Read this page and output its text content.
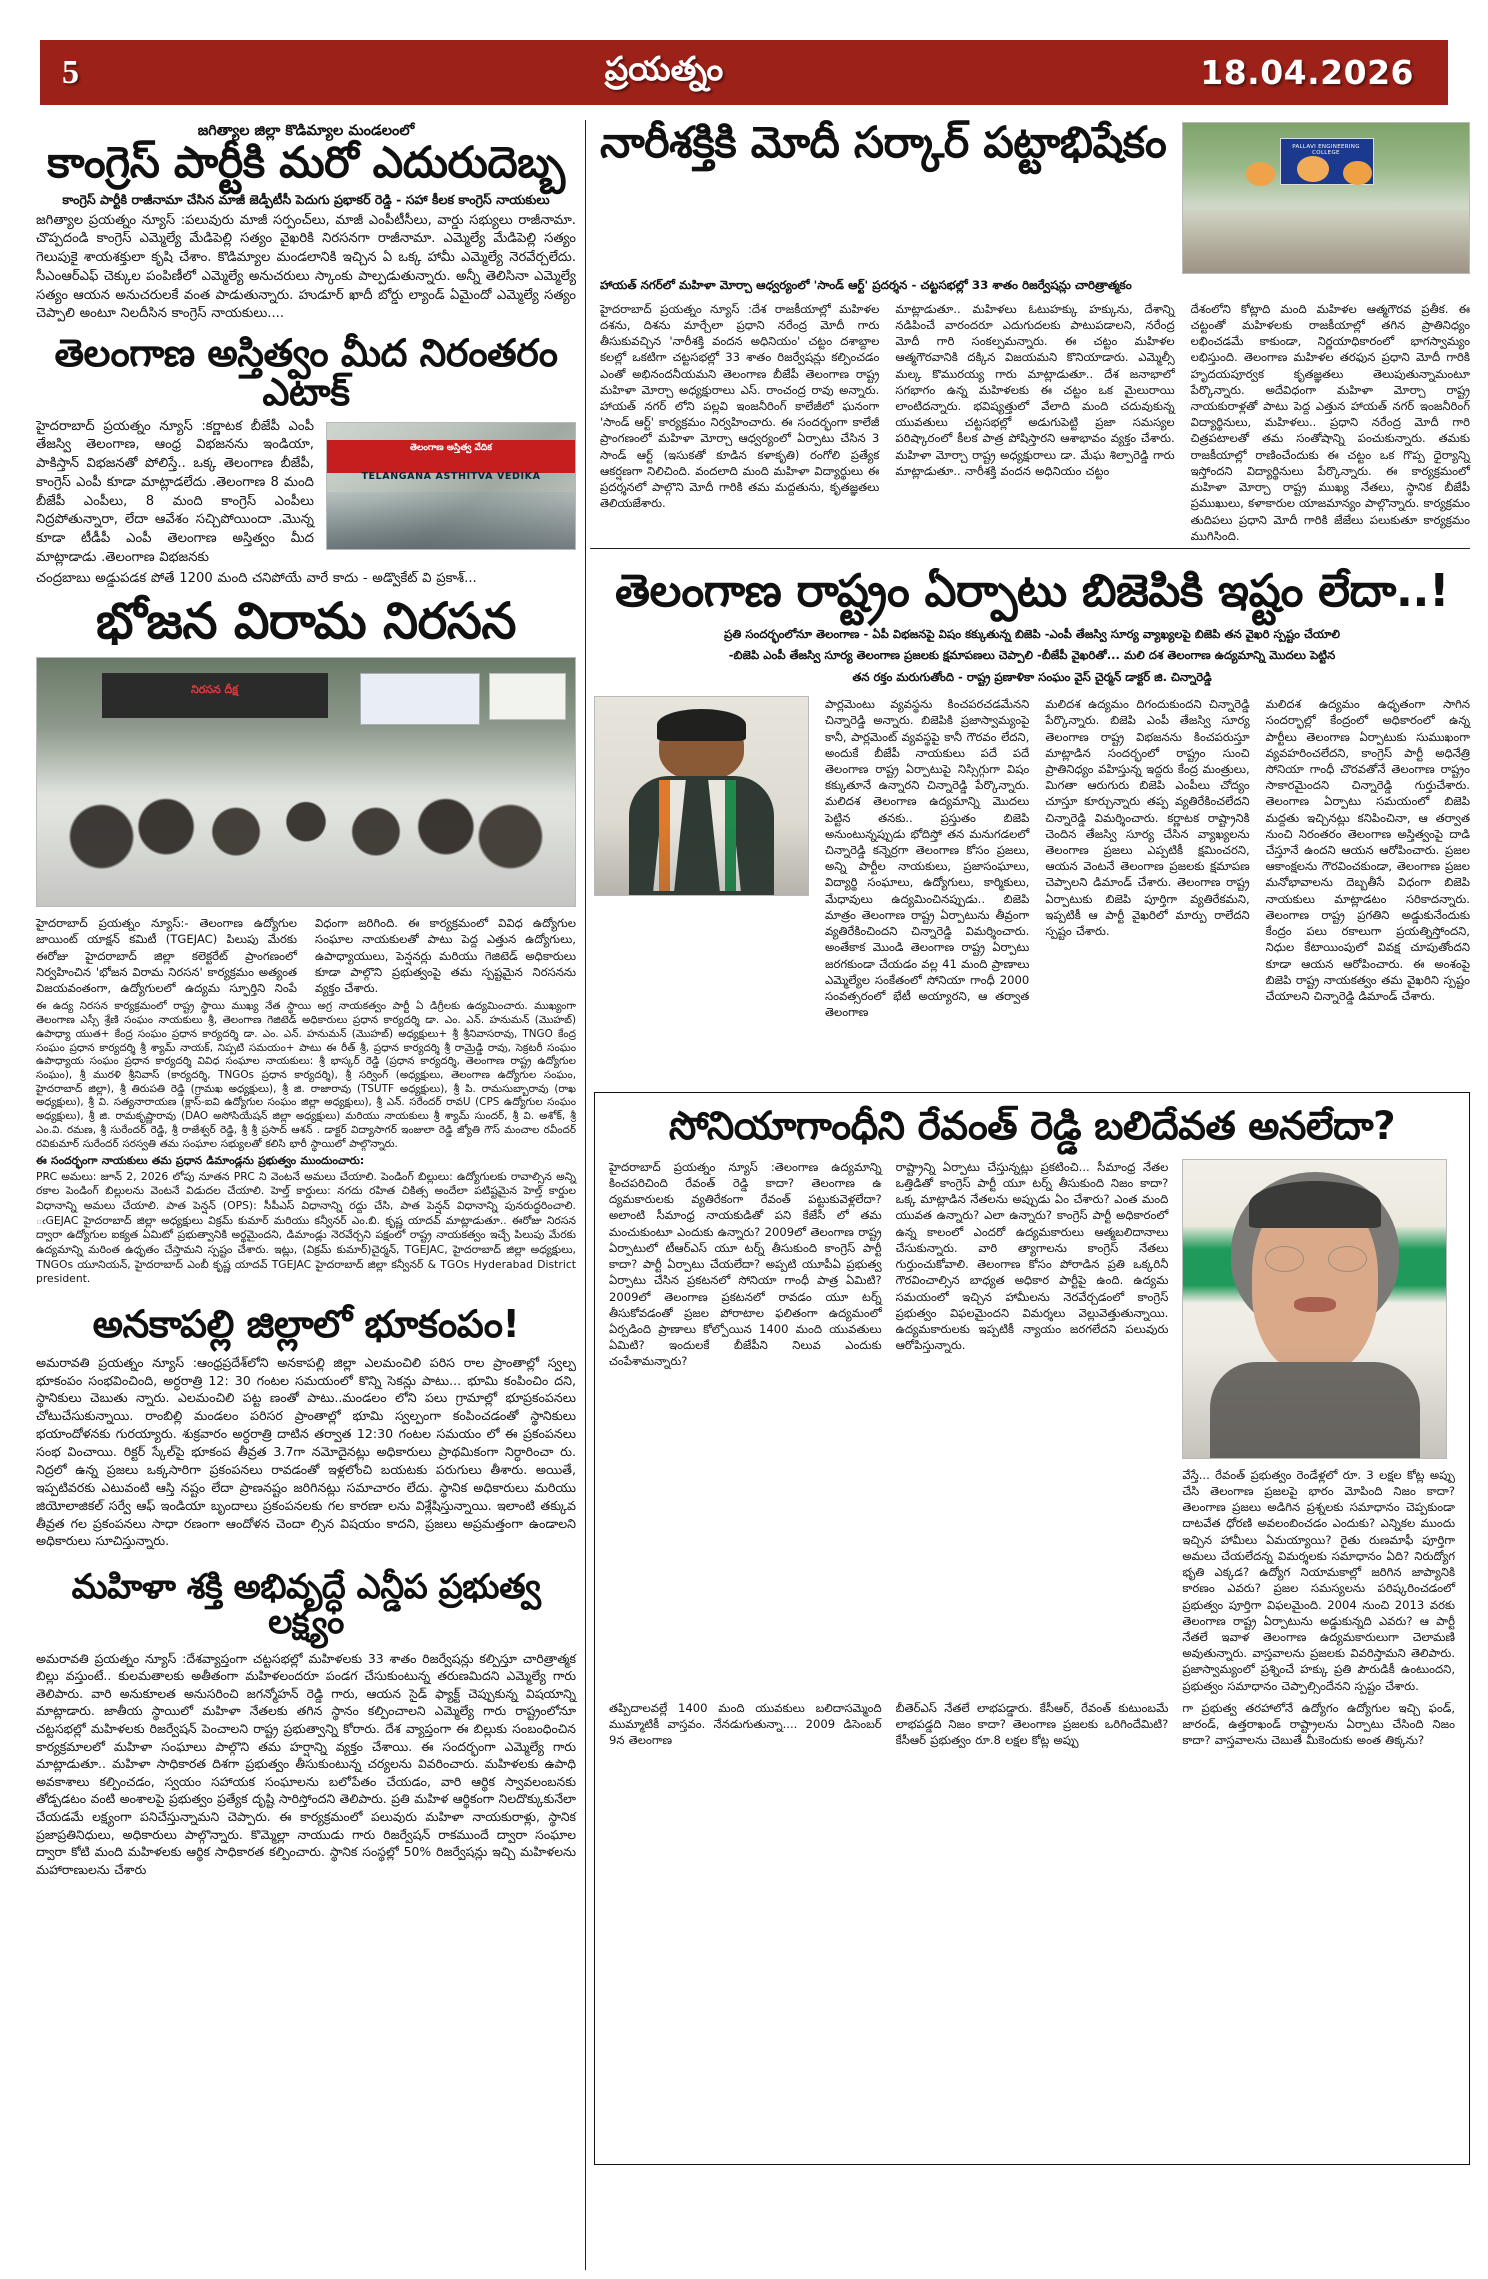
5	ప్రయత్నం	18.04.2026
జగిత్యాల జిల్లా కొడిమ్యాల మండలంలో
కాంగ్రెస్ పార్టీకి మరో ఎదురుదెబ్బ
కాంగ్రెస్ పార్టీకి రాజీనామా చేసిన మాజీ జెడ్పీటీసీ పెదుగు ప్రభాకర్ రెడ్డి - సహా కీలక కాంగ్రెస్ నాయకులు
జగిత్యాల ప్రయత్నం న్యూస్ :పలువురు మాజీ సర్పంచ్‌లు, మాజీ ఎంపీటీసీలు, వార్డు సభ్యులు రాజీనామా. చొప్పదండి కాంగ్రెస్ ఎమ్మెల్యే మేడిపెల్లి సత్యం వైఖరికి నిరసనగా రాజీనామా. ఎమ్మెల్యే మేడిపెల్లి సత్యం గెలుపుకై శాయశక్తులా కృషి చేశాం. కొడిమ్యాల మండలానికి ఇచ్చిన ఏ ఒక్క హామీ ఎమ్మెల్యే నెరవేర్చలేదు. సీఎంఆర్ఎఫ్ చెక్కుల పంపిణీలో ఎమ్మెల్యే అనుచరులు స్కాంకు పాల్పడుతున్నారు. అన్నీ తెలిసినా ఎమ్మెల్యే సత్యం ఆయన అనుచరులకే వంత పాడుతున్నారు. హుడూర్ ఖాదీ బోర్డు ల్యాండ్ ఏమైందో ఎమ్మెల్యే సత్యం చెప్పాలి అంటూ నిలదీసిన కాంగ్రెస్ నాయకులు....
తెలంగాణ అస్తిత్వం మీద నిరంతరం ఎటాక్
తెలంగాణ అస్తిత్వ వేదిక
TELANGANA ASTHITVA VEDIKA
హైదరాబాద్ ప్రయత్నం న్యూస్ :కర్ణాటక బీజేపీ ఎంపీ తేజస్వి తెలంగాణ, ఆంధ్ర విభజనను ఇండియా, పాకిస్తాన్ విభజనతో పోలిస్తే.. ఒక్క తెలంగాణ బీజేపీ, కాంగ్రెస్ ఎంపీ కూడా మాట్లాడలేదు .తెలంగాణ 8 మంది బీజేపీ ఎంపీలు, 8 మంది కాంగ్రెస్ ఎంపీలు నిద్రపోతున్నారా, లేదా ఆవేశం సచ్చిపోయిందా .మొన్న కూడా టీడీపీ ఎంపీ తెలంగాణ అస్తిత్వం మీద మాట్లాడాడు .తెలంగాణ విభజనకు
చంద్రబాబు అడ్డుపడక పోతే 1200 మంది చనిపోయే వారే కాదు - అడ్వొకేట్ వి ప్రకాశ్...
భోజన విరామ నిరసన
నిరసన దీక్ష
హైదరాబాద్ ప్రయత్నం న్యూస్:- తెలంగాణ ఉద్యోగుల జాయింట్ యాక్షన్ కమిటీ (TGEJAC) పిలుపు మేరకు ఈరోజు హైదరాబాద్ జిల్లా కలెక్టరేట్ ప్రాంగణంలో నిర్వహించిన 'భోజన విరామ నిరసన' కార్యక్రమం అత్యంత విజయవంతంగా, ఉద్యోగులలో ఉద్యమ స్ఫూర్తిని నింపే విధంగా జరిగింది. ఈ కార్యక్రమంలో వివిధ ఉద్యోగుల సంఘాల నాయకులతో పాటు పెద్ద ఎత్తున ఉద్యోగులు, ఉపాధ్యాయులు, పెన్షనర్లు మరియు గెజిటెడ్ అధికారులు కూడా పాల్గొని ప్రభుత్వంపై తమ స్పష్టమైన నిరసనను వ్యక్తం చేశారు.
ఈ ఉద్య నిరసన కార్యక్రమంలో రాష్ట్ర స్థాయి ముఖ్య నేత స్థాయి అగ్ర నాయకత్వం పార్టీ ఏ డిగ్రీలకు ఉద్యమించారు. ముఖ్యంగా తెలంగాణ ఎస్సీ శ్రేణి సంఘం నాయకులు శ్రీ, తెలంగాణ గెజిటెడ్ అధికారులు ప్రధాన కార్యదర్శి డా. ఎం. ఎన్. హనుమన్ (మొహబ్) ఉపాధ్యా యుత+ కేంద్ర సంఘం ప్రధాన కార్యదర్శి డా. ఎం. ఎన్. హనుమన్ (మొహబ్) అధ్యక్షులు+ శ్రీ శ్రీనివాసరావు, TNGO కేంద్ర సంఘం ప్రధాన కార్యదర్శి శ్రీ శ్యామ్ నాయక్, నిప్పటి సమయం+ పాటు ఈ రీత్ శ్రీ, ప్రధాన కార్యదర్శి శ్రీ రామ్రెడ్డి రావు, సెక్రటరీ సంఘం ఉపాధ్యాయ సంఘం ప్రధాన కార్యదర్శి వివిధ సంఘాల నాయకులు: శ్రీ భాస్కర్ రెడ్డి (ప్రధాన కార్యదర్శి, తెలంగాణ రాష్ట్ర ఉద్యోగుల సంఘం), శ్రీ మురళి శ్రీనివాస్ (కార్యదర్శి, TNGOs ప్రధాన కార్యదర్శి), శ్రీ సర్వింగ్ (అధ్యక్షులు, తెలంగాణ ఉద్యోగుల సంఘం, హైదరాబాద్ జిల్లా), శ్రీ తిరుపతి రెడ్డి (గ్రామఖ అధ్యక్షులు), శ్రీ జి. రాజారావు (TSUTF అధ్యక్షులు), శ్రీ పి. రామసుబ్బారావు (రాఖ అధ్యక్షులు), శ్రీ వి. సత్యనారాయణ (క్లాస్-ఐవి ఉద్యోగుల సంఘం జిల్లా అధ్యక్షులు), శ్రీ ఎన్. సరేందర్ రావU (CPS ఉద్యోగుల సంఘం అధ్యక్షులు), శ్రీ జి. రామకృష్ణారావు (DAO అసోసియేషన్ జిల్లా అధ్యక్షులు) మరియు నాయకులు శ్రీ శ్యామ్ సుందర్, శ్రీ వి. అశోక్, శ్రీ ఎం.వి. రమణ, శ్రీ సురేందర్ రెడ్డి, శ్రీ రాజేశ్వర్ రెడ్డి, శ్రీ శ్రీ ప్రసాద్ ఆశన్ . డాక్టర్ విద్యాసాగర్ ఇంజులా రెడ్డి జ్యోతి గౌస్ మంచాల రవీందర్ రవికుమార్ సురేందర్ సరస్వతి తమ సంఘాల సభ్యులతో కలిసి భారీ స్థాయిలో పాల్గొన్నారు.
ఈ సందర్భంగా నాయకులు తమ ప్రధాన డిమాండ్లను ప్రభుత్వం ముందుంచారు:
PRC అమలు: జూన్ 2, 2026 లోపు నూతన PRC ని వెంటనే అమలు చేయాలి. పెండింగ్ బిల్లులు: ఉద్యోగులకు రావాల్సిన అన్ని రకాల పెండింగ్ బిల్లులను వెంటనే విడుదల చేయాలి. హెల్త్ కార్డులు: నగదు రహిత చికిత్స అందేలా పటిష్టమైన హెల్త్ కార్డుల విధానాన్ని అమలు చేయాలి. పాత పెన్షన్ (OPS): సీపీఎస్ విధానాన్ని రద్దు చేసి, పాత పెన్షన్ విధానాన్ని పునరుద్ధరించాలి. ఁGEJAC హైదరాబాద్ జిల్లా అధ్యక్షులు విక్రమ్ కుమార్ మరియు కన్వీనర్ ఎం.బి. కృష్ణ యాదవ్ మాట్లాడుతూ.. ఈరోజు నిరసన ద్వారా ఉద్యోగుల ఐక్యత ఏమిటో ప్రభుత్వానికి అర్థమైందని, డిమాండ్లు నెరవేర్చని పక్షంలో రాష్ట్ర నాయకత్వం ఇచ్చే పిలుపు మేరకు ఉద్యమాన్ని మరింత ఉధృతం చేస్తామని స్పష్టం చేశారు. ఇట్లు, (విక్రమ్ కుమార్)చైర్మన్, TGEJAC, హైదరాబాద్ జిల్లా అధ్యక్షులు, TNGOs యూనియన్, హైదరాబాద్ ఎంబీ కృష్ణ యాదవ్ TGEJAC హైదరాబాద్ జిల్లా కన్వీనర్ & TGOs Hyderabad District president.
అనకాపల్లి జిల్లాలో భూకంపం!
అమరావతి ప్రయత్నం న్యూస్ :ఆంధ్రప్రదేశ్‌లోని అనకాపల్లి జిల్లా ఎలమంచిలి పరిస రాల ప్రాంతాల్లో స్వల్ప భూకంపం సంభవించింది, అర్ధరాత్రి 12: 30 గంటల సమయంలో కొన్ని సెకన్లు పాటు... భూమి కంపించిం దని, స్థానికులు చెబుతు న్నారు. ఎలమంచిలి పట్ట ణంతో పాటు..మండలం లోని పలు గ్రామాల్లో భూప్రకంపనలు చోటుచేసుకున్నాయి. రాంబిల్లి మండలం పరిసర ప్రాంతాల్లో భూమి స్వల్పంగా కంపించడంతో స్థానికులు భయాందోళనకు గురయ్యారు. శుక్రవారం అర్ధరాత్రి దాటిన తర్వాత 12:30 గంటల సమయం లో ఈ ప్రకంపనలు సంభ వించాయి. రిక్టర్ స్కేల్‌పై భూకంప తీవ్రత 3.7గా నమోదైనట్లు అధికారులు ప్రాథమికంగా నిర్ధారించా రు. నిద్రలో ఉన్న ప్రజలు ఒక్కసారిగా ప్రకంపనలు రావడంతో ఇళ్లలోంచి బయటకు పరుగులు తీశారు. అయితే, ఇప్పటివరకు ఎటువంటి ఆస్తి నష్టం లేదా ప్రాణనష్టం జరిగినట్లు సమాచారం లేదు. స్థానిక అధికారులు మరియు జియోలాజికల్ సర్వే ఆఫ్ ఇండియా బృందాలు ప్రకంపనలకు గల కారణా లను విశ్లేషిస్తున్నాయి. ఇలాంటి తక్కువ తీవ్రత గల ప్రకంపనలు సాధా రణంగా ఆందోళన చెందా ల్సిన విషయం కాదని, ప్రజలు అప్రమత్తంగా ఉండాలని అధికారులు సూచిస్తున్నారు.
మహిళా శక్తి అభివృద్ధే ఎన్డీప ప్రభుత్వ లక్ష్యం
అమరావతి ప్రయత్నం న్యూస్ :దేశవ్యాప్తంగా చట్టసభల్లో మహిళలకు 33 శాతం రిజర్వేషన్లు కల్పిస్తూ చారిత్రాత్మక బిల్లు వస్తుంటే.. కులమతాలకు అతీతంగా మహిళలందరూ పండగ చేసుకుంటున్న తరుణమిదని ఎమ్మెల్యే గారు తెలిపారు. వారి అనుకూలత అనుసరించి జగన్మోహన్ రెడ్డి గారు, ఆయన సైడ్ ఫ్యాక్ట్ చెప్పుకున్న విషయాన్ని మాట్లాడారు. జాతీయ స్థాయిలో మహిళా నేతలకు తగిన స్థానం కల్పించాలని ఎమ్మెల్యే గారు రాష్ట్రంలోనూ చట్టసభల్లో మహిళలకు రిజర్వేషన్ పెంచాలని రాష్ట్ర ప్రభుత్వాన్ని కోరారు. దేశ వ్యాప్తంగా ఈ బిల్లుకు సంబంధించిన కార్యక్రమాలలో మహిళా సంఘాలు పాల్గొని తమ హర్షాన్ని వ్యక్తం చేశాయి. ఈ సందర్భంగా ఎమ్మెల్యే గారు మాట్లాడుతూ.. మహిళా సాధికారత దిశగా ప్రభుత్వం తీసుకుంటున్న చర్యలను వివరించారు. మహిళలకు ఉపాధి అవకాశాలు కల్పించడం, స్వయం సహాయక సంఘాలను బలోపేతం చేయడం, వారి ఆర్థిక స్వావలంబనకు తోడ్పడటం వంటి అంశాలపై ప్రభుత్వం ప్రత్యేక దృష్టి సారిస్తోందని తెలిపారు. ప్రతి మహిళ ఆర్థికంగా నిలదొక్కుకునేలా చేయడమే లక్ష్యంగా పనిచేస్తున్నామని చెప్పారు. ఈ కార్యక్రమంలో పలువురు మహిళా నాయకురాళ్లు, స్థానిక ప్రజాప్రతినిధులు, అధికారులు పాల్గొన్నారు. కొమ్మెల్లా నాయుడు గారు రిజర్వేషన్ రాకముందే ద్వారా సంఘాల ద్వారా కోటి మంది మహిళలకు ఆర్థిక సాధికారత కల్పించారు. స్థానిక సంస్థల్లో 50% రిజర్వేషన్లు ఇచ్చి మహిళలను మహారాణులను చేశారు
నారీశక్తికి మోదీ సర్కార్ పట్టాభిషేకం	PALLAVI ENGINEERING COLLEGE
హాయత్ నగర్‌లో మహిళా మోర్చా ఆధ్వర్యంలో 'సాండ్ ఆర్ట్' ప్రదర్శన - చట్టసభల్లో 33 శాతం రిజర్వేషన్లు చారిత్రాత్మకం
హైదరాబాద్ ప్రయత్నం న్యూస్ :దేశ రాజకీయాల్లో మహిళల దశను, దిశను మార్చేలా ప్రధాని నరేంద్ర మోదీ గారు తీసుకువచ్చిన 'నారీశక్తి వందన అధినియం' చట్టం దశాబ్దాల కలల్లో ఒకటిగా చట్టసభల్లో 33 శాతం రిజర్వేషన్లు కల్పించడం ఎంతో అభినందనీయమని తెలంగాణ బీజేపీ తెలంగాణ రాష్ట్ర మహిళా మోర్చా అధ్యక్షురాలు ఎస్. రాంచంద్ర రావు అన్నారు. హాయత్ నగర్ లోని పల్లవి ఇంజనీరింగ్ కాలేజీలో ఘనంగా 'సాండ్ ఆర్ట్' కార్యక్రమం నిర్వహించారు. ఈ సందర్భంగా కాలేజీ ప్రాంగణంలో మహిళా మోర్చా ఆధ్వర్యంలో ఏర్పాటు చేసిన 3 సాండ్ ఆర్ట్ (ఇసుకతో కూడిన కళాకృతి) రంగోలి ప్రత్యేక ఆకర్షణగా నిలిచింది. వందలాది మంది మహిళా విద్యార్థులు ఈ ప్రదర్శనలో పాల్గొని మోదీ గారికి తమ మద్దతును, కృతజ్ఞతలు తెలియజేశారు.
మాట్లాడుతూ.. మహిళలు ఓటుహక్కు హక్కును, దేశాన్ని నడిపించే వారందరూ ఎదుగుదలకు పాటుపడాలని, నరేంద్ర మోదీ గారి సంకల్పమన్నారు. ఈ చట్టం మహిళల ఆత్మగౌరవానికి దక్కిన విజయమని కొనియాడారు. ఎమ్మెల్సీ మల్క కొమురయ్య గారు మాట్లాడుతూ.. దేశ జనాభాలో సగభాగం ఉన్న మహిళలకు ఈ చట్టం ఒక మైలురాయి లాంటిదన్నారు. భవిష్యత్తులో వేలాది మంది చదువుకున్న యువతులు చట్టసభల్లో అడుగుపెట్టి ప్రజా సమస్యల పరిష్కారంలో కీలక పాత్ర పోషిస్తారని ఆశాభావం వ్యక్తం చేశారు. మహిళా మోర్చా రాష్ట్ర అధ్యక్షురాలు డా. మేఘ శిల్పారెడ్డి గారు మాట్లాడుతూ.. నారీశక్తి వందన అధినియం చట్టం
దేశంలోని కోట్లాది మంది మహిళల ఆత్మగౌరవ ప్రతీక. ఈ చట్టంతో మహిళలకు రాజకీయాల్లో తగిన ప్రాతినిధ్యం లభించడమే కాకుండా, నిర్ణయాధికారంలో భాగస్వామ్యం లభిస్తుంది. తెలంగాణ మహిళల తరఫున ప్రధాని మోదీ గారికి హృదయపూర్వక కృతజ్ఞతలు తెలుపుతున్నామంటూ పేర్కొన్నారు. అదేవిధంగా మహిళా మోర్చా రాష్ట్ర నాయకురాళ్లతో పాటు పెద్ద ఎత్తున హాయత్ నగర్ ఇంజనీరింగ్ విద్యార్థినులు, మహిళలు.. ప్రధాని నరేంద్ర మోదీ గారి చిత్రపటాలతో తమ సంతోషాన్ని పంచుకున్నారు. తమకు రాజకీయాల్లో రాణించేందుకు ఈ చట్టం ఒక గొప్ప ధైర్యాన్ని ఇస్తోందని విద్యార్థినులు పేర్కొన్నారు. ఈ కార్యక్రమంలో మహిళా మోర్చా రాష్ట్ర ముఖ్య నేతలు, స్థానిక బీజేపీ ప్రముఖులు, కళాకారుల యాజమాన్యం పాల్గొన్నారు. కార్యక్రమం తుదిపలు ప్రధాని మోదీ గారికి జేజేలు పలుకుతూ కార్యక్రమం ముగిసింది.
తెలంగాణ రాష్ట్రం ఏర్పాటు బిజెపికి ఇష్టం లేదా..!
ప్రతి సందర్భంలోనూ తెలంగాణ - ఏపీ విభజనపై విషం కక్కుతున్న బిజెపి -ఎంపీ తేజస్వి సూర్య వ్యాఖ్యలపై బిజెపి తన వైఖరి స్పష్టం చేయాలి
-బిజెపి ఎంపీ తేజస్వి సూర్య తెలంగాణ ప్రజలకు క్షమాపణలు చెప్పాలి -బీజేపీ వైఖరితో... మలి దశ తెలంగాణ ఉద్యమాన్ని మొదలు పెట్టిన
తన రక్తం మరుగుతోంది - రాష్ట్ర ప్రణాళికా సంఘం వైస్ చైర్మన్ డాక్టర్ జి. చిన్నారెడ్డి
పార్లమెంటు వ్యవస్థను కించపరచడమేనని చిన్నారెడ్డి అన్నారు. బిజెపికి ప్రజాస్వామ్యంపై కానీ, పార్లమెంట్ వ్యవస్థపై కానీ గౌరవం లేదని, అందుకే బీజేపీ నాయకులు పదే పదే తెలంగాణ రాష్ట్ర ఏర్పాటుపై నిస్సిగ్గుగా విషం కక్కుతూనే ఉన్నారని చిన్నారెడ్డి పేర్కొన్నారు. మలిదశ తెలంగాణ ఉద్యమాన్ని మొదలు పెట్టిన తనకు.. ప్రస్తుతం బిజెపి అనుంటున్నప్పుడు భోదిస్తో తన మనుగడలలో చిన్నారెడ్డి కన్నెర్రగా తెలంగాణ కోసం ప్రజలు, అన్ని పార్టీల నాయకులు, ప్రజాసంఘాలు, విద్యార్థి సంఘాలు, ఉద్యోగులు, కార్మికులు, మేధావులు ఉద్యమించినప్పుడు.. బిజెపి మాత్రం తెలంగాణ రాష్ట్ర ఏర్పాటును తీవ్రంగా వ్యతిరేకించిందని చిన్నారెడ్డి విమర్శించారు. అంతేకాక మొండి తెలంగాణ రాష్ట్ర ఏర్పాటు జరగకుండా చేయడం వల్ల 41 మంది ప్రాణాలు ఎమ్మెల్యేల సంకేతంలో సోనియా గాంధీ 2000 సంవత్సరంలో భేటీ అయ్యారని, ఆ తర్వాత తెలంగాణ
మలిదశ ఉద్యమం దిగందుకుందని చిన్నారెడ్డి పేర్కొన్నారు. బిజెపి ఎంపీ తేజస్వి సూర్య తెలంగాణ రాష్ట్ర విభజనను కించపరుస్తూ మాట్లాడిన సందర్భంలో రాష్ట్రం సుంచి ప్రాతినిధ్యం వహిస్తున్న ఇద్దరు కేంద్ర మంత్రులు, మిగతా ఆరుగురు బిజెపి ఎంపీలు చోద్యం చూస్తూ కూర్చున్నారు తప్ప వ్యతిరేకించలేదని చిన్నారెడ్డి విమర్శించారు. కర్ణాటక రాష్ట్రానికి చెందిన తేజస్వి సూర్య చేసిన వ్యాఖ్యలను తెలంగాణ ప్రజలు ఎప్పటికీ క్షమించరని, ఆయన వెంటనే తెలంగాణ ప్రజలకు క్షమాపణ చెప్పాలని డిమాండ్ చేశారు. తెలంగాణ రాష్ట్ర ఏర్పాటుకు బిజెపి పూర్తిగా వ్యతిరేకమని, ఇప్పటికీ ఆ పార్టీ వైఖరిలో మార్పు రాలేదని స్పష్టం చేశారు.
మలిదశ ఉద్యమం ఉధృతంగా సాగిన సందర్భాల్లో కేంద్రంలో అధికారంలో ఉన్న పార్టీలు తెలంగాణ ఏర్పాటుకు సుముఖంగా వ్యవహరించలేదని, కాంగ్రెస్ పార్టీ అధినేత్రి సోనియా గాంధీ చొరవతోనే తెలంగాణ రాష్ట్రం సాకారమైందని చిన్నారెడ్డి గుర్తుచేశారు. తెలంగాణ ఏర్పాటు సమయంలో బిజెపి మద్దతు ఇచ్చినట్లు కనిపించినా, ఆ తర్వాత నుంచి నిరంతరం తెలంగాణ అస్తిత్వంపై దాడి చేస్తూనే ఉందని ఆయన ఆరోపించారు. ప్రజల ఆకాంక్షలను గౌరవించకుండా, తెలంగాణ ప్రజల మనోభావాలను దెబ్బతీసే విధంగా బిజెపి నాయకులు మాట్లాడటం సరికాదన్నారు. తెలంగాణ రాష్ట్ర ప్రగతిని అడ్డుకునేందుకు కేంద్రం పలు రకాలుగా ప్రయత్నిస్తోందని, నిధుల కేటాయింపులో వివక్ష చూపుతోందని కూడా ఆయన ఆరోపించారు. ఈ అంశంపై బిజెపి రాష్ట్ర నాయకత్వం తమ వైఖరిని స్పష్టం చేయాలని చిన్నారెడ్డి డిమాండ్ చేశారు.
సోనియాగాంధీని రేవంత్ రెడ్డి బలిదేవత అనలేదా?
హైదరాబాద్ ప్రయత్నం న్యూస్ :తెలంగాణ ఉద్యమాన్ని కించపరిచింది రేవంత్ రెడ్డి కాదా? తెలంగాణ ఉ ద్యమకారులకు వ్యతిరేకంగా రేవంత్ పట్టుకువెళ్లలేదా? అలాంటి సీమాంధ్ర నాయకుడితో పని కేజేసీ లో తమ మంచుకుంటూ ఎందుకు ఉన్నారు? 2009లో తెలంగాణ రాష్ట్ర ఏర్పాటులో టీఆర్ఎస్ యూ టర్న్ తీసుకుంది కాంగ్రెస్ పార్టీ కాదా? పార్టీ ఏర్పాటు చేయలేదా? అప్పటి యూపీఏ ప్రభుత్వ ఏర్పాటు చేసిన ప్రకటనలో సోనియా గాంధీ పాత్ర ఏమిటి? 2009లో తెలంగాణ ప్రకటనలో రావడం యూ టర్న్ తీసుకోవడంతో ప్రజల పోరాటాల ఫలితంగా ఉద్యమంలో ఏర్పడింది ప్రాణాలు కోల్పోయిన 1400 మంది యువతులు ఏమిటి? ఇందులకే బీజేపీని నిలువ ఎందుకు చంపేశామన్నారు?
రాష్ట్రాన్ని ఏర్పాటు చేస్తున్నట్లు ప్రకటించి... సీమాంధ్ర నేతల ఒత్తిడితో కాంగ్రెస్ పార్టీ యూ టర్న్ తీసుకుంది నిజం కాదా? ఒక్క మాట్లాడిన నేతలను అప్పుడు ఏం చేశారు? ఎంత మంది యువత ఉన్నారు? ఎలా ఉన్నారు? కాంగ్రెస్ పార్టీ అధికారంలో ఉన్న కాలంలో ఎందరో ఉద్యమకారులు ఆత్మబలిదానాలు చేసుకున్నారు. వారి త్యాగాలను కాంగ్రెస్ నేతలు గుర్తుంచుకోవాలి. తెలంగాణ కోసం పోరాడిన ప్రతి ఒక్కరినీ గౌరవించాల్సిన బాధ్యత అధికార పార్టీపై ఉంది. ఉద్యమ సమయంలో ఇచ్చిన హామీలను నెరవేర్చడంలో కాంగ్రెస్ ప్రభుత్వం విఫలమైందని విమర్శలు వెల్లువెత్తుతున్నాయి. ఉద్యమకారులకు ఇప్పటికీ న్యాయం జరగలేదని పలువురు ఆరోపిస్తున్నారు.
వేస్తే... రేవంత్ ప్రభుత్వం రెండేళ్లలో రూ. 3 లక్షల కోట్ల అప్పు చేసి తెలంగాణ ప్రజలపై భారం మోపింది నిజం కాదా? తెలంగాణ ప్రజలు అడిగిన ప్రశ్నలకు సమాధానం చెప్పకుండా దాటవేత ధోరణి అవలంబించడం ఎందుకు? ఎన్నికల ముందు ఇచ్చిన హామీలు ఏమయ్యాయి? రైతు రుణమాఫీ పూర్తిగా అమలు చేయలేదన్న విమర్శలకు సమాధానం ఏది? నిరుద్యోగ భృతి ఎక్కడ? ఉద్యోగ నియామకాల్లో జరిగిన జాప్యానికి కారణం ఎవరు? ప్రజల సమస్యలను పరిష్కరించడంలో ప్రభుత్వం పూర్తిగా విఫలమైంది. 2004 నుంచి 2013 వరకు తెలంగాణ రాష్ట్ర ఏర్పాటును అడ్డుకున్నది ఎవరు? ఆ పార్టీ నేతలే ఇవాళ తెలంగాణ ఉద్యమకారులుగా చెలామణి అవుతున్నారు. వాస్తవాలను ప్రజలకు వివరిస్తామని తెలిపారు. ప్రజాస్వామ్యంలో ప్రశ్నించే హక్కు ప్రతి పౌరుడికీ ఉంటుందని, ప్రభుత్వం సమాధానం చెప్పాల్సిందేనని స్పష్టం చేశారు.
తప్పిదాలవల్లే 1400 మంది యువకులు బలిదాసమ్మెంది ముమ్మాటికీ వాస్తవం. నేనడుగుతున్నా.... 2009 డిసెంబర్ 9న తెలంగాణ
బీతెర్ఎస్ నేతలే లాభపడ్డారు. కేసీఆర్, రేవంత్ కుటుంబమే లాభపడ్డది నిజం కాదా? తెలంగాణ ప్రజలకు ఒరిగిందేమిటి? కేసీఆర్ ప్రభుత్వం రూ.8 లక్షల కోట్ల అప్పు
గా ప్రభుత్వ తరహాలోనే ఉద్యోగం ఉద్యోగుల ఇచ్చి ఫండ్, జారండ్, ఉత్తరాఖండ్ రాష్ట్రాలను ఏర్పాటు చేసింది నిజం కాదా? వాస్తవాలను చెబుతే మీకెందుకు అంత తిక్కను?
